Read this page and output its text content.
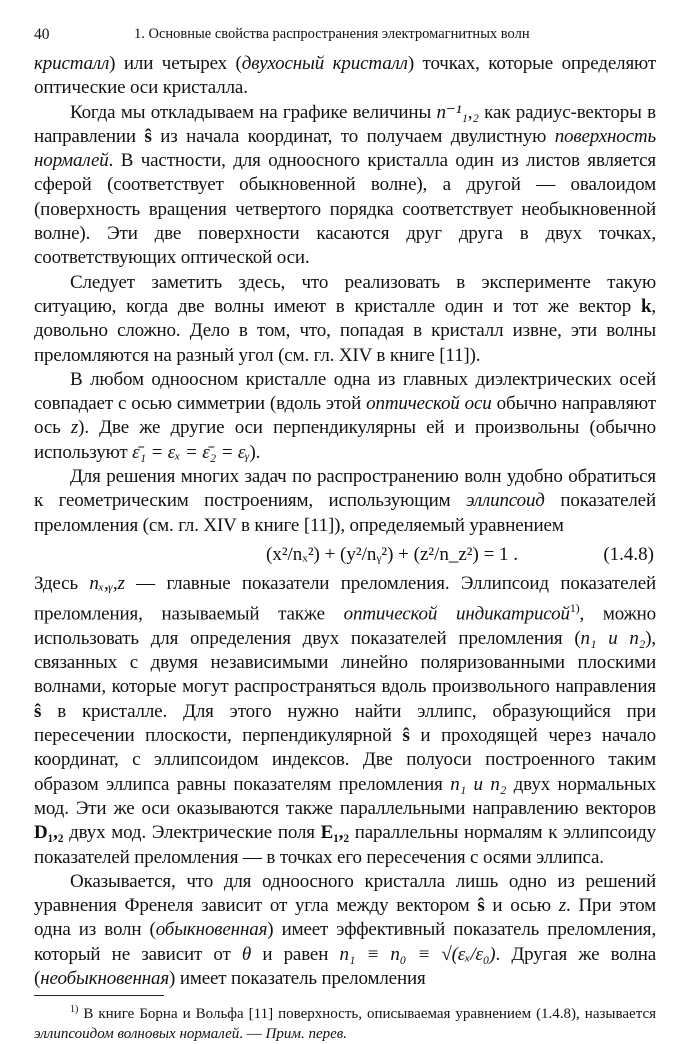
40	1. Основные свойства распространения электромагнитных волн

кристалл) или четырех (двухосный кристалл) точках, которые определяют оптические оси кристалла.

Когда мы откладываем на графике величины n⁻¹₁,₂ как радиус-векторы в направлении ŝ из начала координат, то получаем двулистную поверхность нормалей. В частности, для одноосного кристалла один из листов является сферой (соответствует обыкновенной волне), а другой — овалоидом (поверхность вращения четвертого порядка соответствует необыкновенной волне). Эти две поверхности касаются друг друга в двух точках, соответствующих оптической оси.

Следует заметить здесь, что реализовать в эксперименте такую ситуацию, когда две волны имеют в кристалле один и тот же вектор k, довольно сложно. Дело в том, что, попадая в кристалл извне, эти волны преломляются на разный угол (см. гл. XIV в книге [11]).

В любом одноосном кристалле одна из главных диэлектрических осей совпадает с осью симметрии (вдоль этой оптической оси обычно направляют ось z). Две же другие оси перпендикулярны ей и произвольны (обычно используют ε̄₁ = εₓ = ε̄₂ = εᵧ).

Для решения многих задач по распространению волн удобно обратиться к геометрическим построениям, использующим эллипсоид показателей преломления (см. гл. XIV в книге [11]), определяемый уравнением

(x²/nₓ²) + (y²/nᵧ²) + (z²/n_z²) = 1 .	(1.4.8)

Здесь nₓ,ᵧ,z — главные показатели преломления. Эллипсоид показателей преломления, называемый также оптической индикатрисой$^{1)}$, можно использовать для определения двух показателей преломления (n₁ и n₂), связанных с двумя независимыми линейно поляризованными плоскими волнами, которые могут распространяться вдоль произвольного направления ŝ в кристалле. Для этого нужно найти эллипс, образующийся при пересечении плоскости, перпендикулярной ŝ и проходящей через начало координат, с эллипсоидом индексов. Две полуоси построенного таким образом эллипса равны показателям преломления n₁ и n₂ двух нормальных мод. Эти же оси оказываются также параллельными направлению векторов D₁,₂ двух мод. Электрические поля E₁,₂ параллельны нормалям к эллипсоиду показателей преломления — в точках его пересечения с осями эллипса.

Оказывается, что для одноосного кристалла лишь одно из решений уравнения Френеля зависит от угла между вектором ŝ и осью z. При этом одна из волн (обыкновенная) имеет эффективный показатель преломления, который не зависит от θ и равен n₁ ≡ n₀ ≡ √(εₓ/ε₀). Другая же волна (необыкновенная) имеет показатель преломления

$^{1)}$ В книге Борна и Вольфа [11] поверхность, описываемая уравнением (1.4.8), называется эллипсоидом волновых нормалей. — Прим. перев.
